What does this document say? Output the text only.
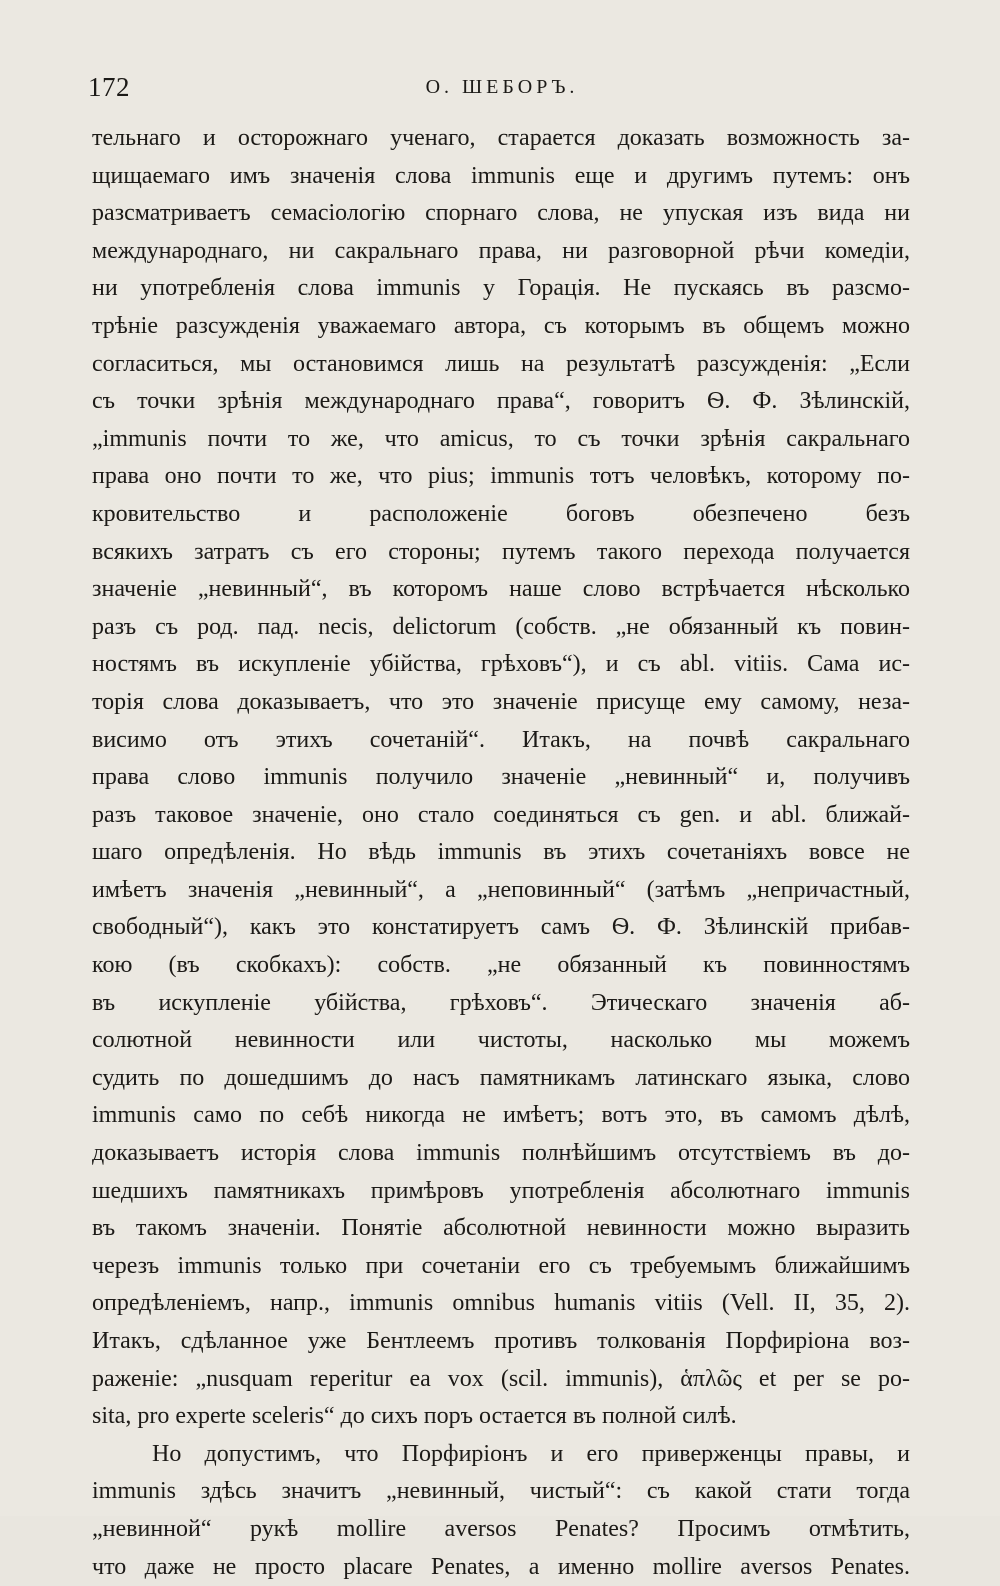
172	О. ШЕБОРЪ.
тельнаго и осторожнаго ученаго, старается доказать возможность за-
щищаемаго имъ значенія слова immunis еще и другимъ путемъ: онъ
разсматриваетъ семасіологію спорнаго слова, не упуская изъ вида ни
международнаго, ни сакральнаго права, ни разговорной рѣчи комедіи,
ни употребленія слова immunis у Горація. Не пускаясь въ разсмо-
трѣніе разсужденія уважаемаго автора, съ которымъ въ общемъ можно
согласиться, мы остановимся лишь на результатѣ разсужденія: „Если
съ точки зрѣнія международнаго права“, говоритъ Ѳ. Ф. Зѣлинскій,
„immunis почти то же, что amicus, то съ точки зрѣнія сакральнаго
права оно почти то же, что pius; immunis тотъ человѣкъ, которому по-
кровительство и расположеніе боговъ обезпечено безъ
всякихъ затратъ съ его стороны; путемъ такого перехода получается
значеніе „невинный“, въ которомъ наше слово встрѣчается нѣсколько
разъ съ род. пад. necis, delictorum (собств. „не обязанный къ повин-
ностямъ въ искупленіе убійства, грѣховъ“), и съ abl. vitiis. Сама ис-
торія слова доказываетъ, что это значеніе присуще ему самому, неза-
висимо отъ этихъ сочетаній“. Итакъ, на почвѣ сакральнаго
права слово immunis получило значеніе „невинный“ и, получивъ
разъ таковое значеніе, оно стало соединяться съ gen. и abl. ближай-
шаго опредѣленія. Но вѣдь immunis въ этихъ сочетаніяхъ вовсе не
имѣетъ значенія „невинный“, а „неповинный“ (затѣмъ „непричастный,
свободный“), какъ это констатируетъ самъ Ѳ. Ф. Зѣлинскій прибав-
кою (въ скобкахъ): собств. „не обязанный къ повинностямъ
въ искупленіе убійства, грѣховъ“. Этическаго значенія аб-
солютной невинности или чистоты, насколько мы можемъ
судить по дошедшимъ до насъ памятникамъ латинскаго языка, слово
immunis само по себѣ никогда не имѣетъ; вотъ это, въ самомъ дѣлѣ,
доказываетъ исторія слова immunis полнѣйшимъ отсутствіемъ въ до-
шедшихъ памятникахъ примѣровъ употребленія абсолютнаго immunis
въ такомъ значеніи. Понятіе абсолютной невинности можно выразить
черезъ immunis только при сочетаніи его съ требуемымъ ближайшимъ
опредѣленіемъ, напр., immunis omnibus humanis vitiis (Vell. II, 35, 2).
Итакъ, сдѣланное уже Бентлеемъ противъ толкованія Порфиріона воз-
раженіе: „nusquam reperitur ea vox (scil. immunis), ἁπλῶς et per se po-
sita, pro experte sceleris“ до сихъ поръ остается въ полной силѣ.
Но допустимъ, что Порфиріонъ и его приверженцы правы, и
immunis здѣсь значитъ „невинный, чистый“: съ какой стати тогда
„невинной“ рукѣ mollire aversos Penates? Просимъ отмѣтить,
что даже не просто placare Penates, а именно mollire aversos Penates.
